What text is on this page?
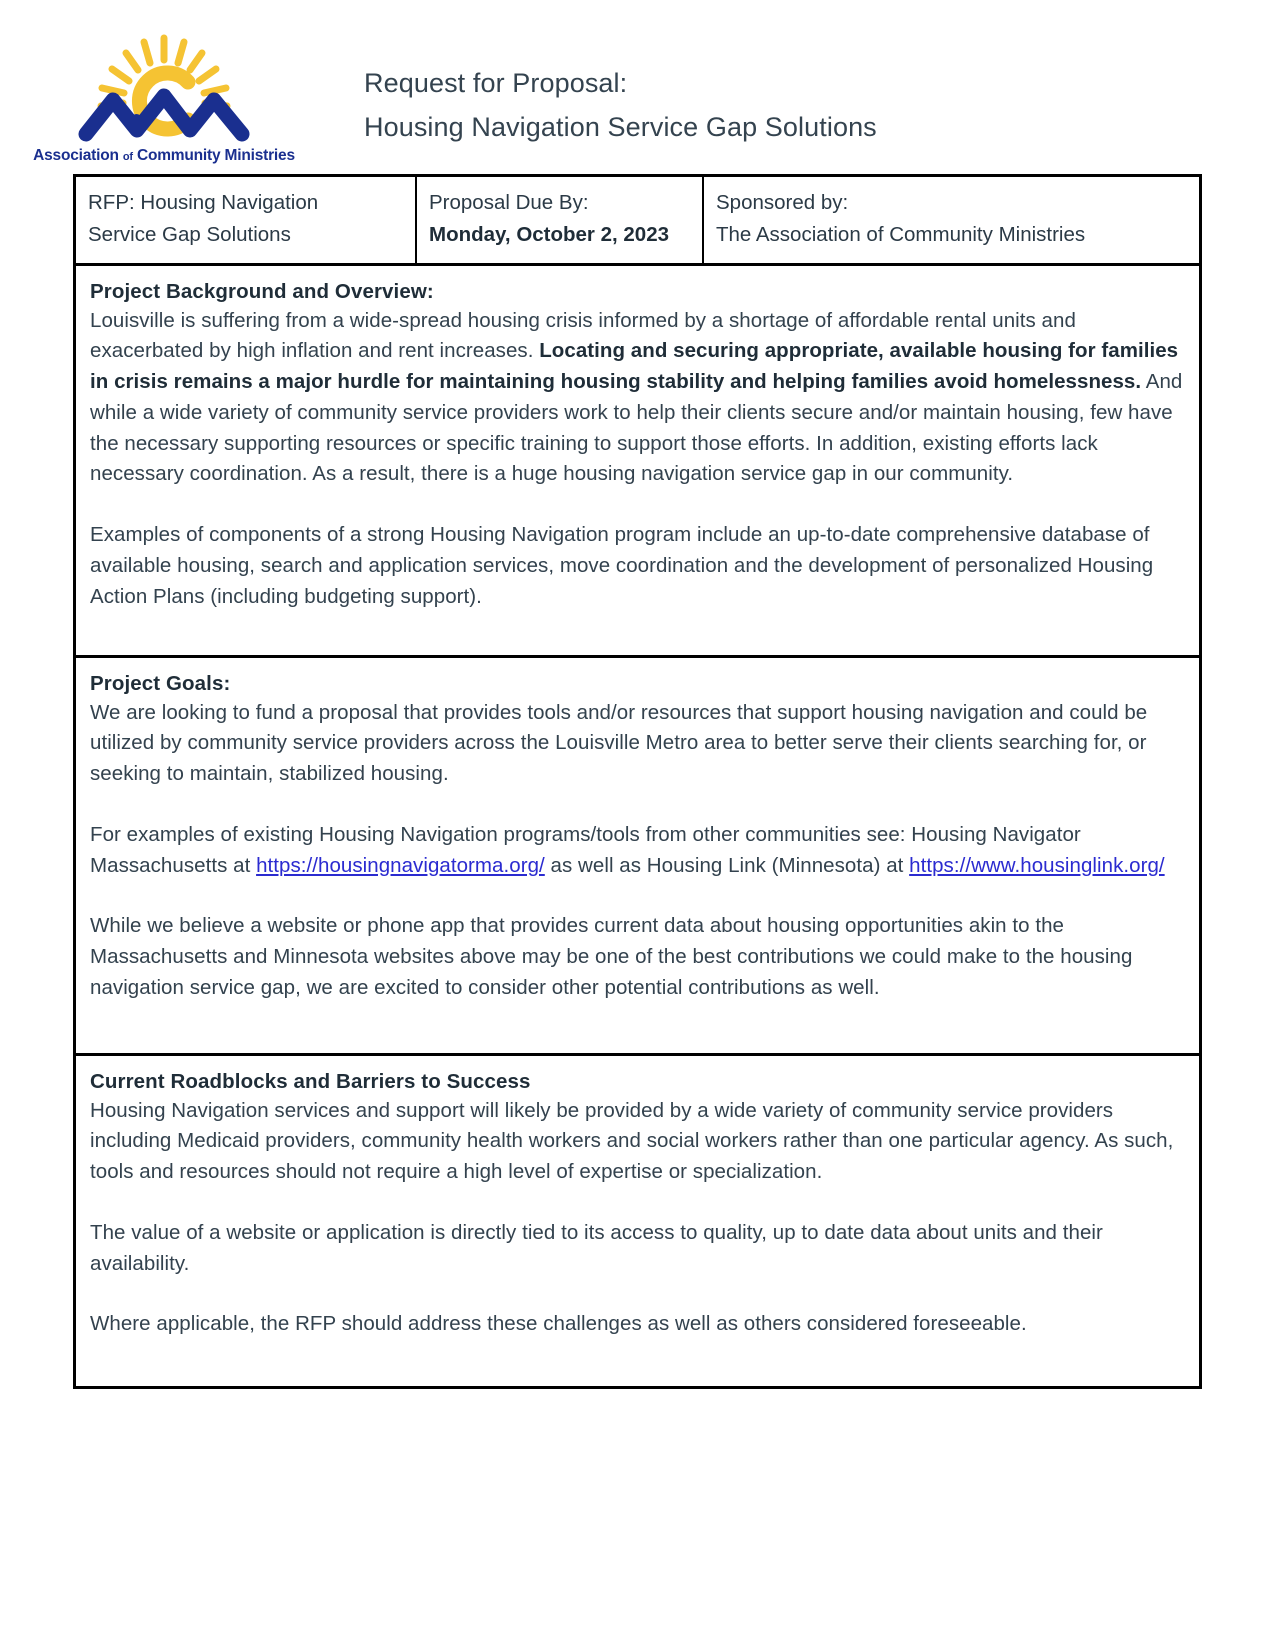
Association of Community Ministries
Request for Proposal:
Housing Navigation Service Gap Solutions
RFP: Housing Navigation
Service Gap Solutions
Proposal Due By:
Monday, October 2, 2023
Sponsored by:
The Association of Community Ministries
Project Background and Overview:

Louisville is suffering from a wide-spread housing crisis informed by a shortage of affordable rental units and exacerbated by high inflation and rent increases. Locating and securing appropriate, available housing for families in crisis remains a major hurdle for maintaining housing stability and helping families avoid homelessness. And while a wide variety of community service providers work to help their clients secure and/or maintain housing, few have the necessary supporting resources or specific training to support those efforts. In addition, existing efforts lack necessary coordination. As a result, there is a huge housing navigation service gap in our community.

Examples of components of a strong Housing Navigation program include an up-to-date comprehensive database of available housing, search and application services, move coordination and the development of personalized Housing Action Plans (including budgeting support).

Project Goals:

We are looking to fund a proposal that provides tools and/or resources that support housing navigation and could be utilized by community service providers across the Louisville Metro area to better serve their clients searching for, or seeking to maintain, stabilized housing.

For examples of existing Housing Navigation programs/tools from other communities see: Housing Navigator Massachusetts at https://housingnavigatorma.org/ as well as Housing Link (Minnesota) at https://www.housinglink.org/

While we believe a website or phone app that provides current data about housing opportunities akin to the Massachusetts and Minnesota websites above may be one of the best contributions we could make to the housing navigation service gap, we are excited to consider other potential contributions as well.

Current Roadblocks and Barriers to Success

Housing Navigation services and support will likely be provided by a wide variety of community service providers including Medicaid providers, community health workers and social workers rather than one particular agency. As such, tools and resources should not require a high level of expertise or specialization.

The value of a website or application is directly tied to its access to quality, up to date data about units and their availability.

Where applicable, the RFP should address these challenges as well as others considered foreseeable.
